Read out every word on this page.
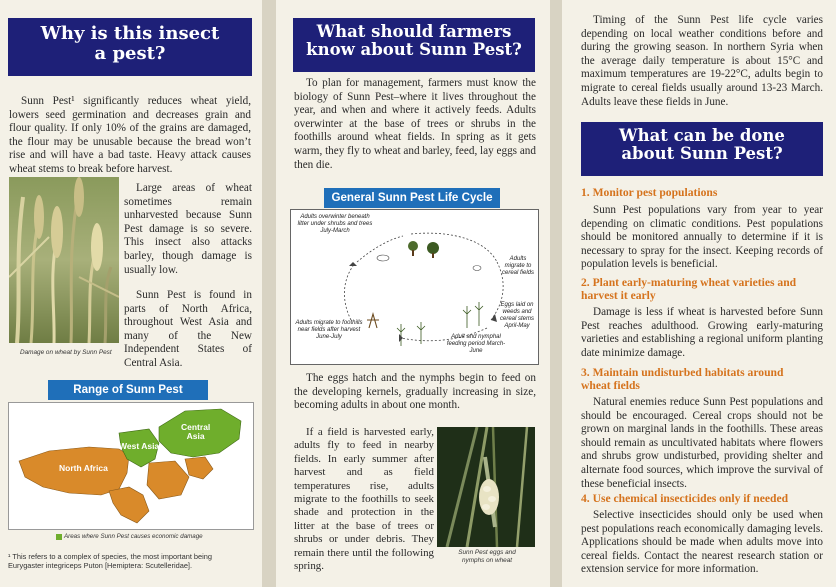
Why is this insect
a pest?

Sunn Pest¹ significantly reduces wheat yield, lowers seed germination and decreases grain and flour quality. If only 10% of the grains are damaged, the flour may be unusable because the bread won’t rise and will have a bad taste. Heavy attack causes wheat stems to break before harvest.

Damage on wheat by Sunn Pest

Large areas of wheat sometimes remain unharvested because Sunn Pest damage is so severe. This insect also attacks barley, though damage is usually low.

Sunn Pest is found in parts of North Africa, throughout West Asia and many of the New Independent States of Central Asia.

Range of Sunn Pest
Central
Asia
West Asia
North Africa
Areas where Sunn Pest causes economic damage
¹ This refers to a complex of species, the most important being
Eurygaster integriceps Puton [Hemiptera: Scutelleridae].
What should farmers
know about Sunn Pest?

To plan for management, farmers must know the biology of Sunn Pest–where it lives throughout the year, and when and where it actively feeds. Adults overwinter at the base of trees or shrubs in the foothills around wheat fields. In spring as it gets warm, they fly to wheat and barley, feed, lay eggs and then die.

General Sunn Pest Life Cycle
Adults overwinter beneath litter under shrubs and trees July-March
Adults migrate to cereal fields
Eggs laid on weeds and cereal stems April-May
Adult and nymphal feeding period March-June
Adults migrate to foothills near fields after harvest June-July

The eggs hatch and the nymphs begin to feed on the developing kernels, gradually increasing in size, becoming adults in about one month.

If a field is harvested early, adults fly to feed in nearby fields. In early summer after harvest and as field temperatures rise, adults migrate to the foothills to seek shade and protection in the litter at the base of trees or shrubs or under debris. They remain there until the following spring.

Sunn Pest eggs and
nymphs on wheat

Timing of the Sunn Pest life cycle varies depending on local weather conditions before and during the growing season. In northern Syria when the average daily temperature is about 15°C and maximum temperatures are 19-22°C, adults begin to migrate to cereal fields usually around 13-23 March. Adults leave these fields in June.

What can be done
about Sunn Pest?
1. Monitor pest populations

Sunn Pest populations vary from year to year depending on climatic conditions. Pest populations should be monitored annually to determine if it is necessary to spray for the insect. Keeping records of population levels is beneficial.

2. Plant early-maturing wheat varieties and harvest it early

Damage is less if wheat is harvested before Sunn Pest reaches adulthood. Growing early-maturing varieties and establishing a regional uniform planting date minimize damage.

3. Maintain undisturbed habitats around wheat fields

Natural enemies reduce Sunn Pest populations and should be encouraged. Cereal crops should not be grown on marginal lands in the foothills. These areas should remain as uncultivated habitats where flowers and shrubs grow undisturbed, providing shelter and alternate food sources, which improve the survival of these beneficial insects.

4. Use chemical insecticides only if needed

Selective insecticides should only be used when pest populations reach economically damaging levels. Applications should be made when adults move into cereal fields. Contact the nearest research station or extension service for more information.
